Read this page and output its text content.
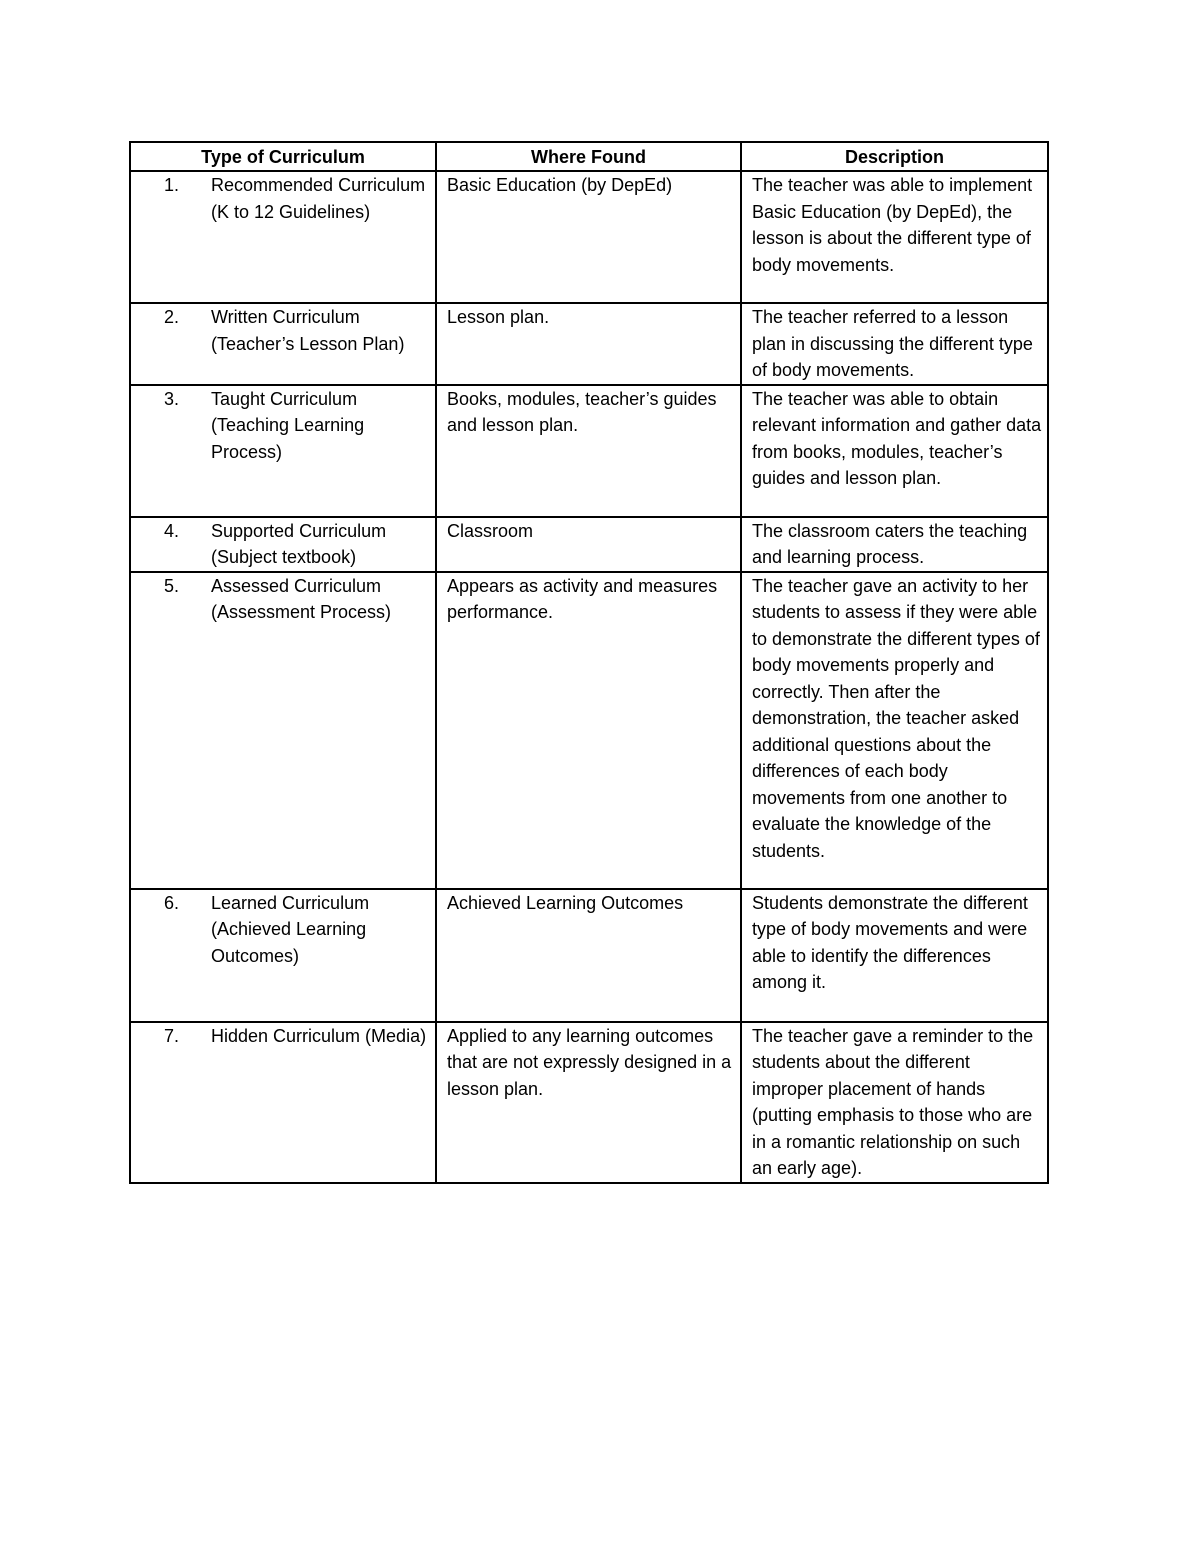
Type of Curriculum	Where Found	Description

1. Recommended Curriculum (K to 12 Guidelines)	Basic Education (by DepEd)	The teacher was able to implement Basic Education (by DepEd), the lesson is about the different type of body movements.

2. Written Curriculum (Teacher’s Lesson Plan)	Lesson plan.	The teacher referred to a lesson plan in discussing the different type of body movements.

3. Taught Curriculum (Teaching Learning Process)	Books, modules, teacher’s guides and lesson plan.	The teacher was able to obtain relevant information and gather data from books, modules, teacher’s guides and lesson plan.

4. Supported Curriculum (Subject textbook)	Classroom	The classroom caters the teaching and learning process.

5. Assessed Curriculum (Assessment Process)	Appears as activity and measures performance.	The teacher gave an activity to her students to assess if they were able to demonstrate the different types of body movements properly and correctly. Then after the demonstration, the teacher asked additional questions about the differences of each body movements from one another to evaluate the knowledge of the students.

6. Learned Curriculum (Achieved Learning Outcomes)	Achieved Learning Outcomes	Students demonstrate the different type of body movements and were able to identify the differences among it.

7. Hidden Curriculum (Media)	Applied to any learning outcomes that are not expressly designed in a lesson plan.	The teacher gave a reminder to the students about the different improper placement of hands (putting emphasis to those who are in a romantic relationship on such an early age).
